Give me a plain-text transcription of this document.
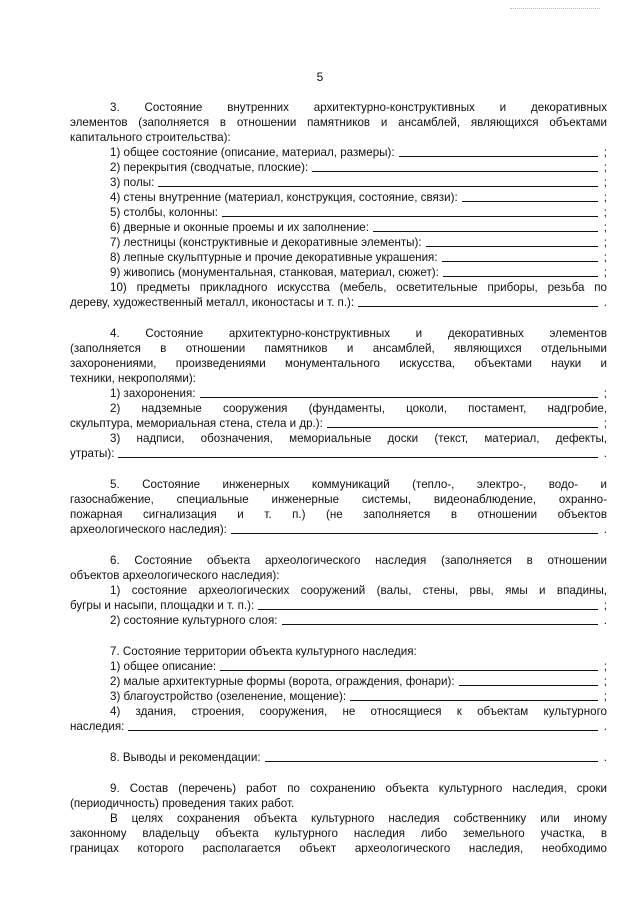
5
3. Состояние внутренних архитектурно-конструктивных и декоративных
элементов (заполняется в отношении памятников и ансамблей, являющихся объектами
капитального строительства):
1) общее состояние (описание, материал, размеры):	;
2) перекрытия (сводчатые, плоские):	;
3) полы:	;
4) стены внутренние (материал, конструкция, состояние, связи):	;
5) столбы, колонны:	;
6) дверные и оконные проемы и их заполнение:	;
7) лестницы (конструктивные и декоративные элементы):	;
8) лепные скульптурные и прочие декоративные украшения:	;
9) живопись (монументальная, станковая, материал, сюжет):	;
10) предметы прикладного искусства (мебель, осветительные приборы, резьба по
дереву, художественный металл, иконостасы и т. п.):	.
4. Состояние архитектурно-конструктивных и декоративных элементов
(заполняется в отношении памятников и ансамблей, являющихся отдельными
захоронениями, произведениями монументального искусства, объектами науки и
техники, некрополями):
1) захоронения:	;
2) надземные сооружения (фундаменты, цоколи, постамент, надгробие,
скульптура, мемориальная стена, стела и др.):	;
3) надписи, обозначения, мемориальные доски (текст, материал, дефекты,
утраты):	.
5. Состояние инженерных коммуникаций (тепло-, электро-, водо- и
газоснабжение, специальные инженерные системы, видеонаблюдение, охранно-
пожарная сигнализация и т. п.) (не заполняется в отношении объектов
археологического наследия):	.
6. Состояние объекта археологического наследия (заполняется в отношении
объектов археологического наследия):
1) состояние археологических сооружений (валы, стены, рвы, ямы и впадины,
бугры и насыпи, площадки и т. п.):	;
2) состояние культурного слоя:	.
7. Состояние территории объекта культурного наследия:
1) общее описание:	;
2) малые архитектурные формы (ворота, ограждения, фонари):	;
3) благоустройство (озеленение, мощение):	;
4) здания, строения, сооружения, не относящиеся к объектам культурного
наследия:	.
8. Выводы и рекомендации:	.
9. Состав (перечень) работ по сохранению объекта культурного наследия, сроки
(периодичность) проведения таких работ.
В целях сохранения объекта культурного наследия собственнику или иному
законному владельцу объекта культурного наследия либо земельного участка, в
границах которого располагается объект археологического наследия, необходимо
